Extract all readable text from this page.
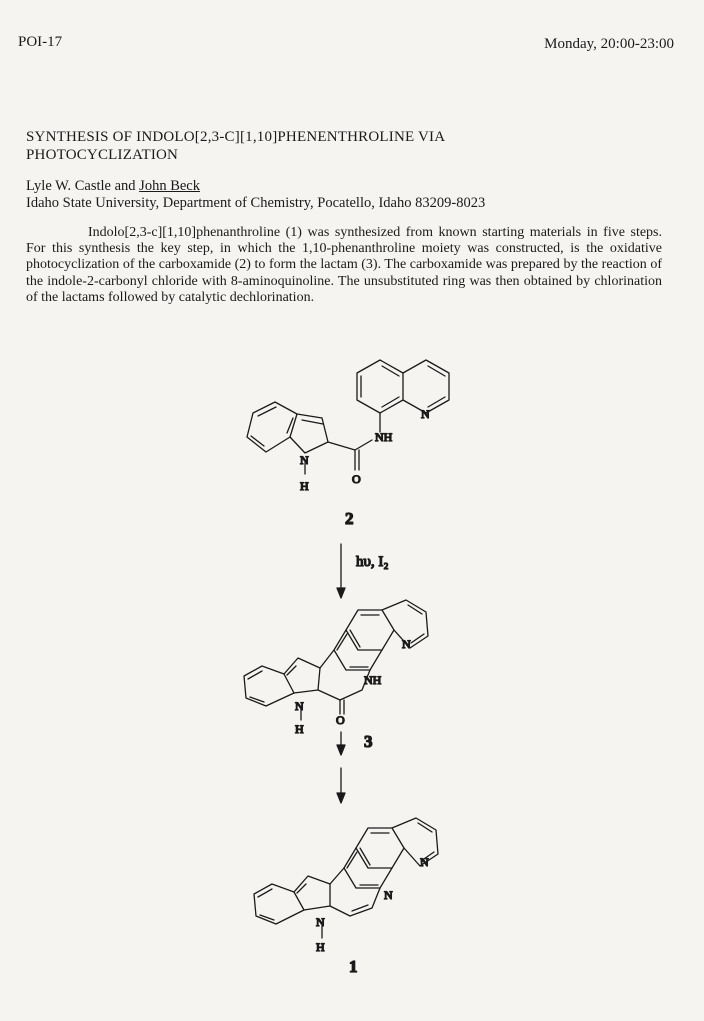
POI-17	Monday, 20:00-23:00
SYNTHESIS OF INDOLO[2,3-C][1,10]PHENENTHROLINE VIA
PHOTOCYCLIZATION
Lyle W. Castle and John Beck
Idaho State University, Department of Chemistry, Pocatello, Idaho 83209-8023

Indolo[2,3-c][1,10]phenanthroline (1) was synthesized from known starting materials in five steps. For this synthesis the key step, in which the 1,10-phenanthroline moiety was constructed, is the oxidative photocyclization of the carboxamide (2) to form the lactam (3). The carboxamide was prepared by the reaction of the indole-2-carbonyl chloride with 8-aminoquinoline. The unsubstituted ring was then obtained by chlorination of the lactams followed by catalytic dechlorination.

N
NH
O
N
H
2
hυ, I₂
N
NH
O
N
H
3
N
N
N
H
1
